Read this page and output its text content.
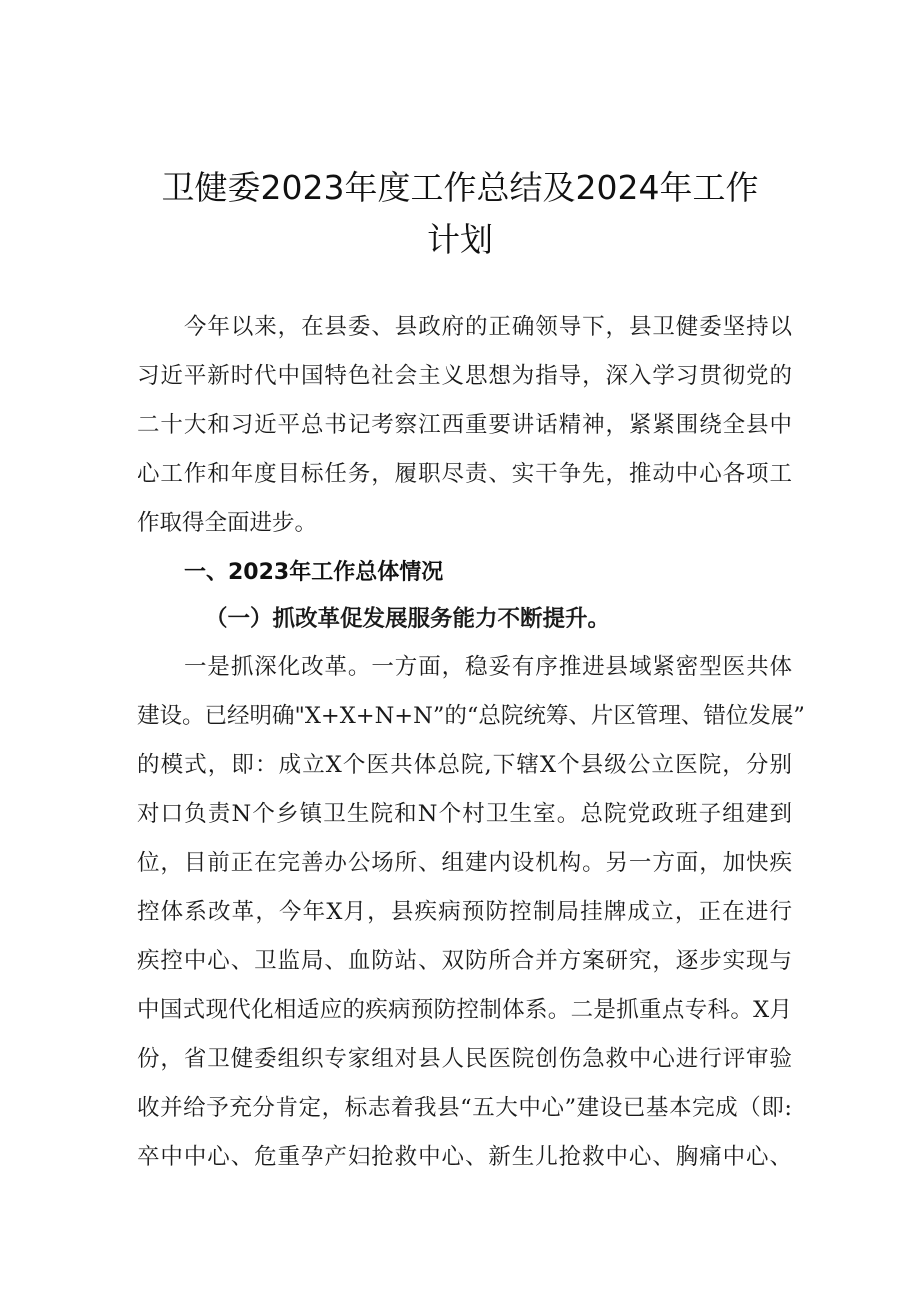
卫健委2023年度工作总结及2024年工作
计划

今年以来，在县委、县政府的正确领导下，县卫健委坚持以

习近平新时代中国特色社会主义思想为指导，深入学习贯彻党的

二十大和习近平总书记考察江西重要讲话精神，紧紧围绕全县中

心工作和年度目标任务，履职尽责、实干争先，推动中心各项工

作取得全面进步。

一、2023年工作总体情况
（一）抓改革促发展服务能力不断提升。

一是抓深化改革。一方面，稳妥有序推进县域紧密型医共体

建设。已经明确"X+X+N+N”的“总院统筹、片区管理、错位发展”

的模式，即：成立X个医共体总院,下辖X个县级公立医院，分别

对口负责N个乡镇卫生院和N个村卫生室。总院党政班子组建到

位，目前正在完善办公场所、组建内设机构。另一方面，加快疾

控体系改革，今年X月，县疾病预防控制局挂牌成立，正在进行

疾控中心、卫监局、血防站、双防所合并方案研究，逐步实现与

中国式现代化相适应的疾病预防控制体系。二是抓重点专科。X月

份，省卫健委组织专家组对县人民医院创伤急救中心进行评审验

收并给予充分肯定，标志着我县“五大中心”建设已基本完成（即:

卒中中心、危重孕产妇抢救中心、新生儿抢救中心、胸痛中心、
